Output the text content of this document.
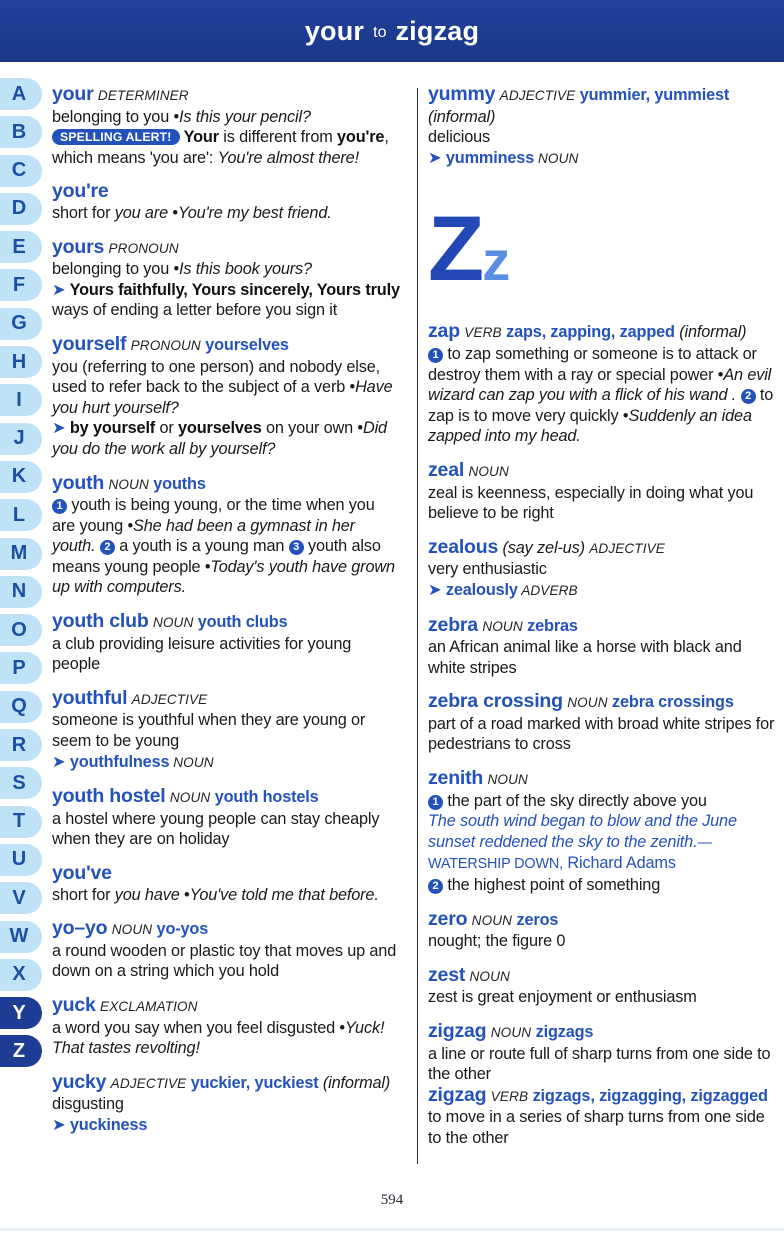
your to zigzag
A
B
C
D
E
F
G
H
I
J
K
L
M
N
O
P
Q
R
S
T
U
V
W
X
Y
Z

your DETERMINER
belonging to you •Is this your pencil?
SPELLING ALERT! Your is different from you're, which means 'you are': You're almost there!

you're
short for you are •You're my best friend.

yours PRONOUN
belonging to you •Is this book yours?
➤ Yours faithfully, Yours sincerely, Yours truly ways of ending a letter before you sign it

yourself PRONOUN yourselves
you (referring to one person) and nobody else, used to refer back to the subject of a verb •Have you hurt yourself?
➤ by yourself or yourselves on your own •Did you do the work all by yourself?

youth NOUN youths
1 youth is being young, or the time when you are young •She had been a gymnast in her youth. 2 a youth is a young man 3 youth also means young people •Today's youth have grown up with computers.

youth club NOUN youth clubs
a club providing leisure activities for young people

youthful ADJECTIVE
someone is youthful when they are young or seem to be young
➤ youthfulness NOUN

youth hostel NOUN youth hostels
a hostel where young people can stay cheaply when they are on holiday

you've
short for you have •You've told me that before.

yo–yo NOUN yo-yos
a round wooden or plastic toy that moves up and down on a string which you hold

yuck EXCLAMATION
a word you say when you feel disgusted •Yuck! That tastes revolting!

yucky ADJECTIVE yuckier, yuckiest (informal)
disgusting
➤ yuckiness

yummy ADJECTIVE yummier, yummiest (informal)
delicious
➤ yumminess NOUN

Zz

zap VERB zaps, zapping, zapped (informal)
1 to zap something or someone is to attack or destroy them with a ray or special power •An evil wizard can zap you with a flick of his wand . 2 to zap is to move very quickly •Suddenly an idea zapped into my head.

zeal NOUN
zeal is keenness, especially in doing what you believe to be right

zealous (say zel-us) ADJECTIVE
very enthusiastic
➤ zealously ADVERB

zebra NOUN zebras
an African animal like a horse with black and white stripes

zebra crossing NOUN zebra crossings
part of a road marked with broad white stripes for pedestrians to cross

zenith NOUN
1 the part of the sky directly above you
The south wind began to blow and the June sunset reddened the sky to the zenith.—WATERSHIP DOWN, Richard Adams
2 the highest point of something

zero NOUN zeros
nought; the figure 0

zest NOUN
zest is great enjoyment or enthusiasm

zigzag NOUN zigzags
a line or route full of sharp turns from one side to the other

zigzag VERB zigzags, zigzagging, zigzagged
to move in a series of sharp turns from one side to the other

594
